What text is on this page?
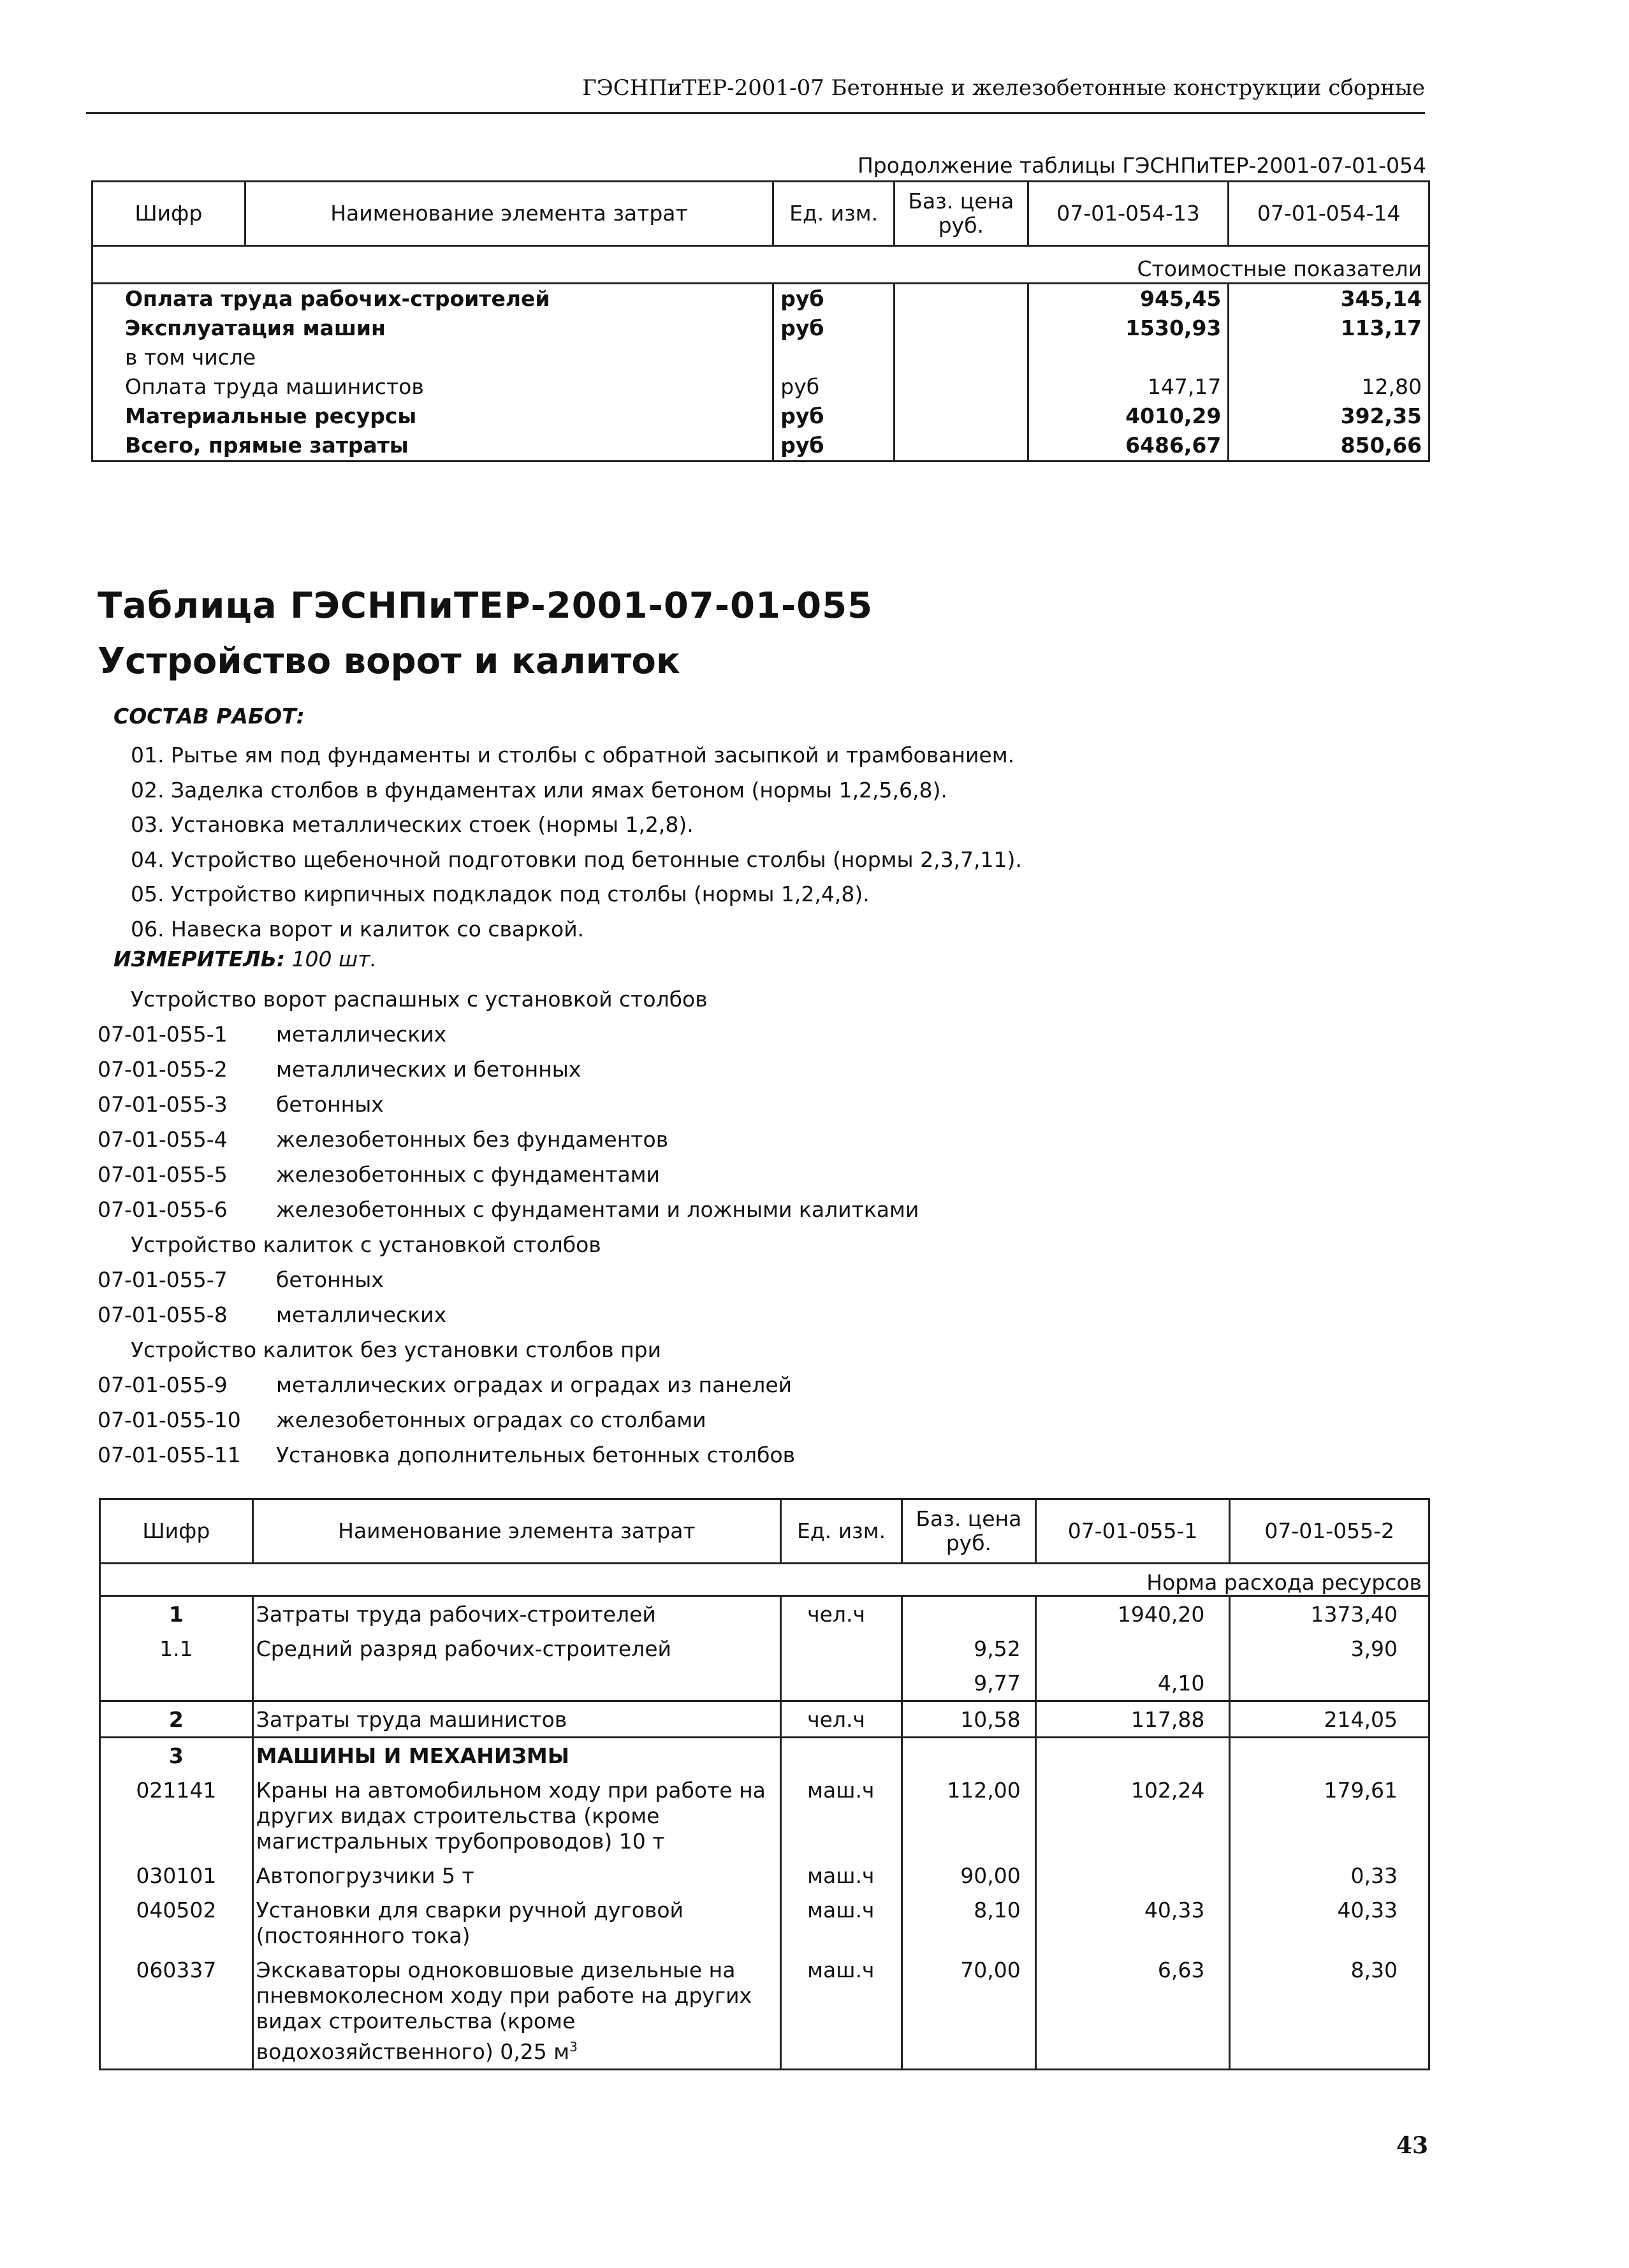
ГЭСНПиТЕР-2001-07 Бетонные и железобетонные конструкции сборные
Продолжение таблицы ГЭСНПиТЕР-2001-07-01-054
Шифр	Наименование элемента затрат	Ед. изм.	Баз. цена руб.	07-01-054-13	07-01-054-14
Стоимостные показатели					
Оплата труда рабочих-строителей		руб		945,45	345,14
Эксплуатация машин		руб		1530,93	113,17
в том числе					
Оплата труда машинистов		руб		147,17	12,80
Материальные ресурсы		руб		4010,29	392,35
Всего, прямые затраты		руб		6486,67	850,66
Таблица ГЭСНПиТЕР-2001-07-01-055
Устройство ворот и калиток
СОСТАВ РАБОТ:
01. Рытье ям под фундаменты и столбы с обратной засыпкой и трамбованием.
02. Заделка столбов в фундаментах или ямах бетоном (нормы 1,2,5,6,8).
03. Установка металлических стоек (нормы 1,2,8).
04. Устройство щебеночной подготовки под бетонные столбы (нормы 2,3,7,11).
05. Устройство кирпичных подкладок под столбы (нормы 1,2,4,8).
06. Навеска ворот и калиток со сваркой.
ИЗМЕРИТЕЛЬ: 100 шт.
Устройство ворот распашных с установкой столбов
07-01-055-1	металлических
07-01-055-2	металлических и бетонных
07-01-055-3	бетонных
07-01-055-4	железобетонных без фундаментов
07-01-055-5	железобетонных с фундаментами
07-01-055-6	железобетонных с фундаментами и ложными калитками
Устройство калиток с установкой столбов
07-01-055-7	бетонных
07-01-055-8	металлических
Устройство калиток без установки столбов при
07-01-055-9	металлических оградах и оградах из панелей
07-01-055-10	железобетонных оградах со столбами
07-01-055-11	Установка дополнительных бетонных столбов
Шифр	Наименование элемента затрат	Ед. изм.	Баз. цена руб.	07-01-055-1	07-01-055-2
Норма расхода ресурсов					
1	Затраты труда рабочих-строителей	чел.ч		1940,20	1373,40
1.1	Средний разряд рабочих-строителей		9,52		3,90
			9,77	4,10	
2	Затраты труда машинистов	чел.ч	10,58	117,88	214,05
3	МАШИНЫ И МЕХАНИЗМЫ				
021141	Краны на автомобильном ходу при работе на других видах строительства (кроме магистральных трубопроводов) 10 т	маш.ч	112,00	102,24	179,61
030101	Автопогрузчики 5 т	маш.ч	90,00		0,33
040502	Установки для сварки ручной дуговой (постоянного тока)	маш.ч	8,10	40,33	40,33
060337	Экскаваторы одноковшовые дизельные на пневмоколесном ходу при работе на других видах строительства (кроме водохозяйственного) 0,25 $м^3$	маш.ч	70,00	6,63	8,30
43
